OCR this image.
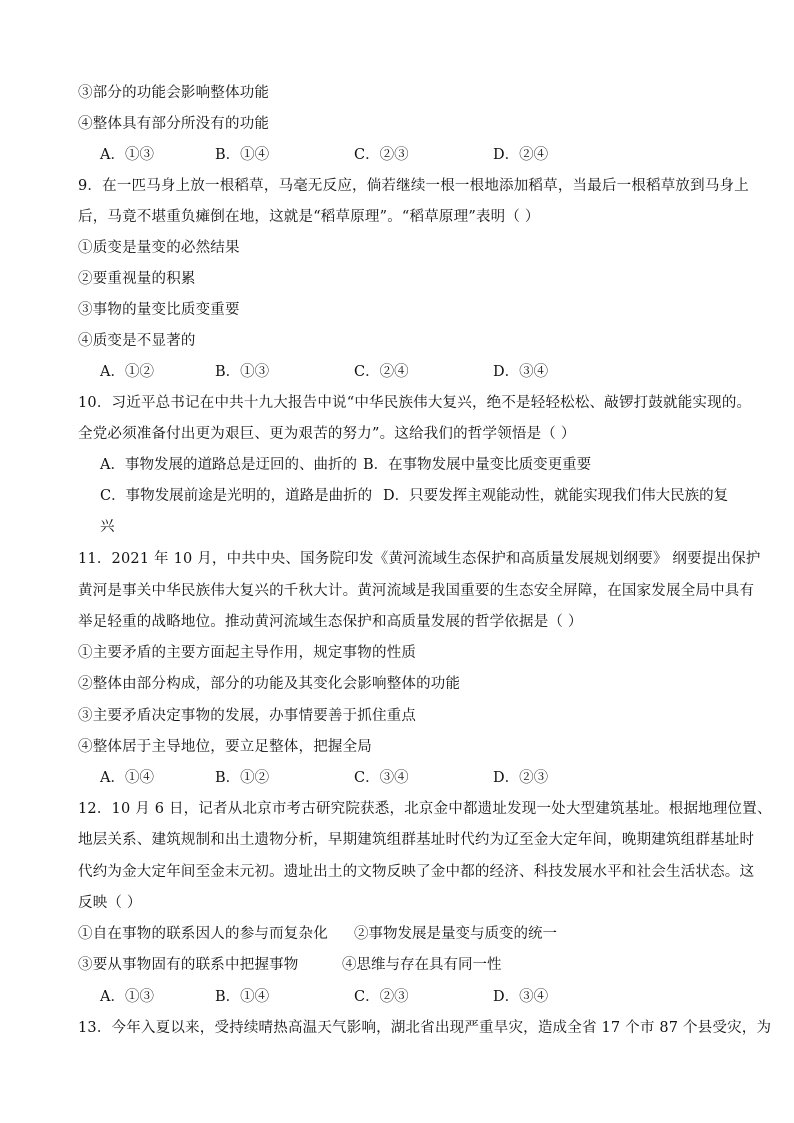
③部分的功能会影响整体功能
④整体具有部分所没有的功能
A．①③	B．①④	C．②③	D．②④
9．在一匹马身上放一根稻草，马毫无反应，倘若继续一根一根地添加稻草，当最后一根稻草放到马身上
后，马竟不堪重负瘫倒在地，这就是“稻草原理”。“稻草原理”表明（ ）
①质变是量变的必然结果
②要重视量的积累
③事物的量变比质变重要
④质变是不显著的
A．①②	B．①③	C．②④	D．③④
10．习近平总书记在中共十九大报告中说“中华民族伟大复兴，绝不是轻轻松松、敲锣打鼓就能实现的。
全党必须准备付出更为艰巨、更为艰苦的努力”。这给我们的哲学领悟是（ ）
A．事物发展的道路总是迂回的、曲折的 B．在事物发展中量变比质变更重要
C．事物发展前途是光明的，道路是曲折的 D．只要发挥主观能动性，就能实现我们伟大民族的复
兴
11．2021 年 10 月，中共中央、国务院印发《黄河流域生态保护和高质量发展规划纲要》 纲要提出保护
黄河是事关中华民族伟大复兴的千秋大计。黄河流域是我国重要的生态安全屏障，在国家发展全局中具有
举足轻重的战略地位。推动黄河流域生态保护和高质量发展的哲学依据是（ ）
①主要矛盾的主要方面起主导作用，规定事物的性质
②整体由部分构成，部分的功能及其变化会影响整体的功能
③主要矛盾决定事物的发展，办事情要善于抓住重点
④整体居于主导地位，要立足整体，把握全局
A．①④	B．①②	C．③④	D．②③
12．10 月 6 日，记者从北京市考古研究院获悉，北京金中都遗址发现一处大型建筑基址。根据地理位置、
地层关系、建筑规制和出土遗物分析，早期建筑组群基址时代约为辽至金大定年间，晚期建筑组群基址时
代约为金大定年间至金末元初。遗址出土的文物反映了金中都的经济、科技发展水平和社会生活状态。这
反映（ ）
①自在事物的联系因人的参与而复杂化 ②事物发展是量变与质变的统一
③要从事物固有的联系中把握事物	④思维与存在具有同一性
A．①③	B．①④	C．②③	D．③④
13．今年入夏以来，受持续晴热高温天气影响，湖北省出现严重旱灾，造成全省 17 个市 87 个县受灾，为
